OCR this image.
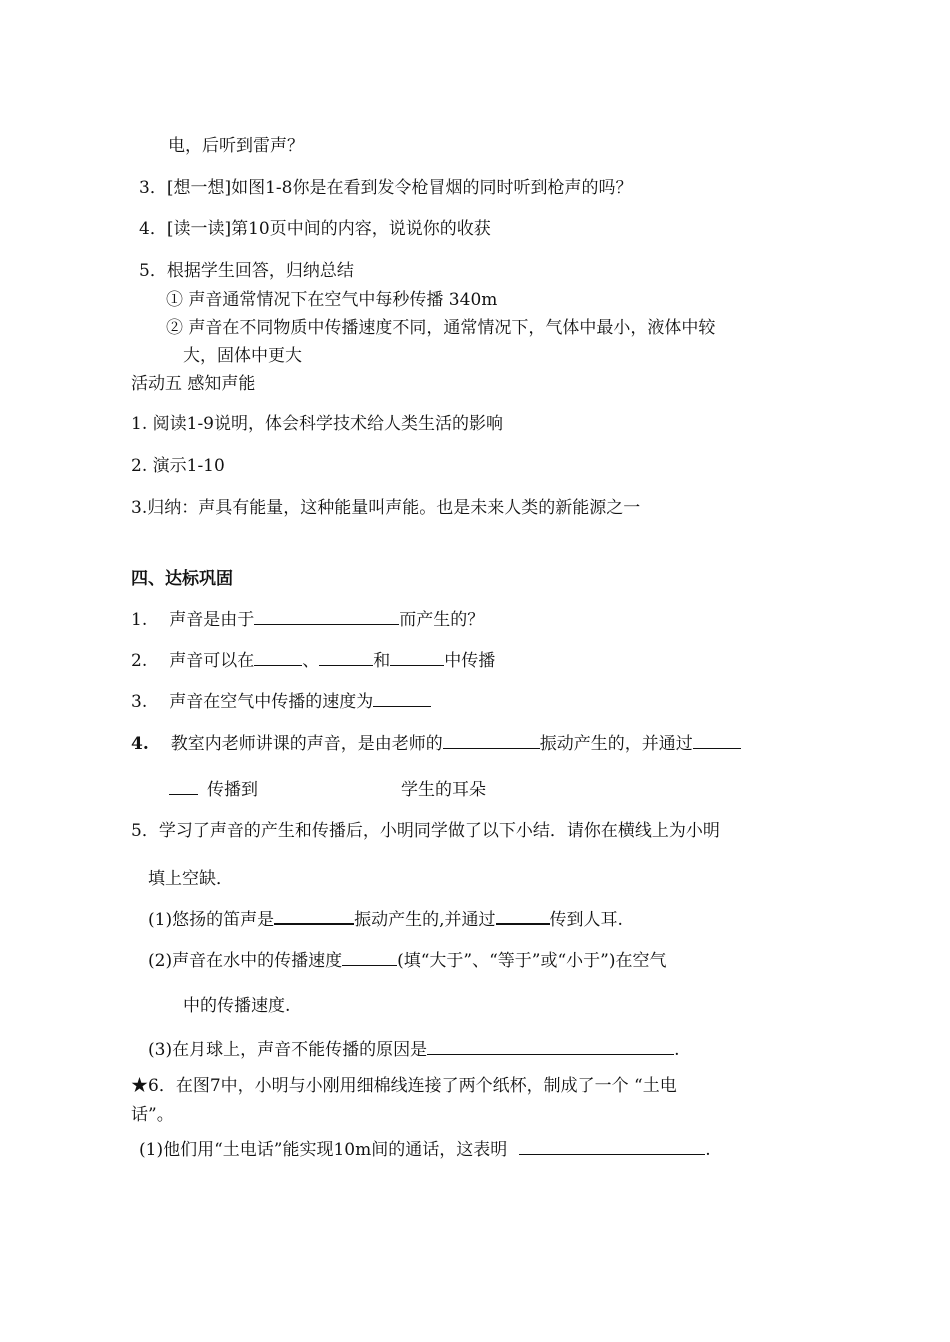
电，后听到雷声？
3．[想一想]如图1-8你是在看到发令枪冒烟的同时听到枪声的吗？
4．[读一读]第10页中间的内容，说说你的收获
5．根据学生回答，归纳总结
① 声音通常情况下在空气中每秒传播 340m
② 声音在不同物质中传播速度不同，通常情况下，气体中最小，液体中较
大，固体中更大
活动五 感知声能
1. 阅读1-9说明，体会科学技术给人类生活的影响
2. 演示1-10
3.归纳：声具有能量，这种能量叫声能。也是未来人类的新能源之一
四、达标巩固
1. 声音是由于	而产生的？
2. 声音可以在	、	和	中传播
3. 声音在空气中传播的速度为
4. 教室内老师讲课的声音，是由老师的	振动产生的，并通过
传播到	学生的耳朵
5．学习了声音的产生和传播后，小明同学做了以下小结．请你在横线上为小明
填上空缺．
(1)悠扬的笛声是	振动产生的,并通过	传到人耳.
(2)声音在水中的传播速度	(填“大于”、“等于”或“小于”)在空气
中的传播速度.
(3)在月球上，声音不能传播的原因是	.
★6．在图7中，小明与小刚用细棉线连接了两个纸杯，制成了一个 “土电
话”。
(1)他们用“土电话”能实现10m间的通话，这表明	.
